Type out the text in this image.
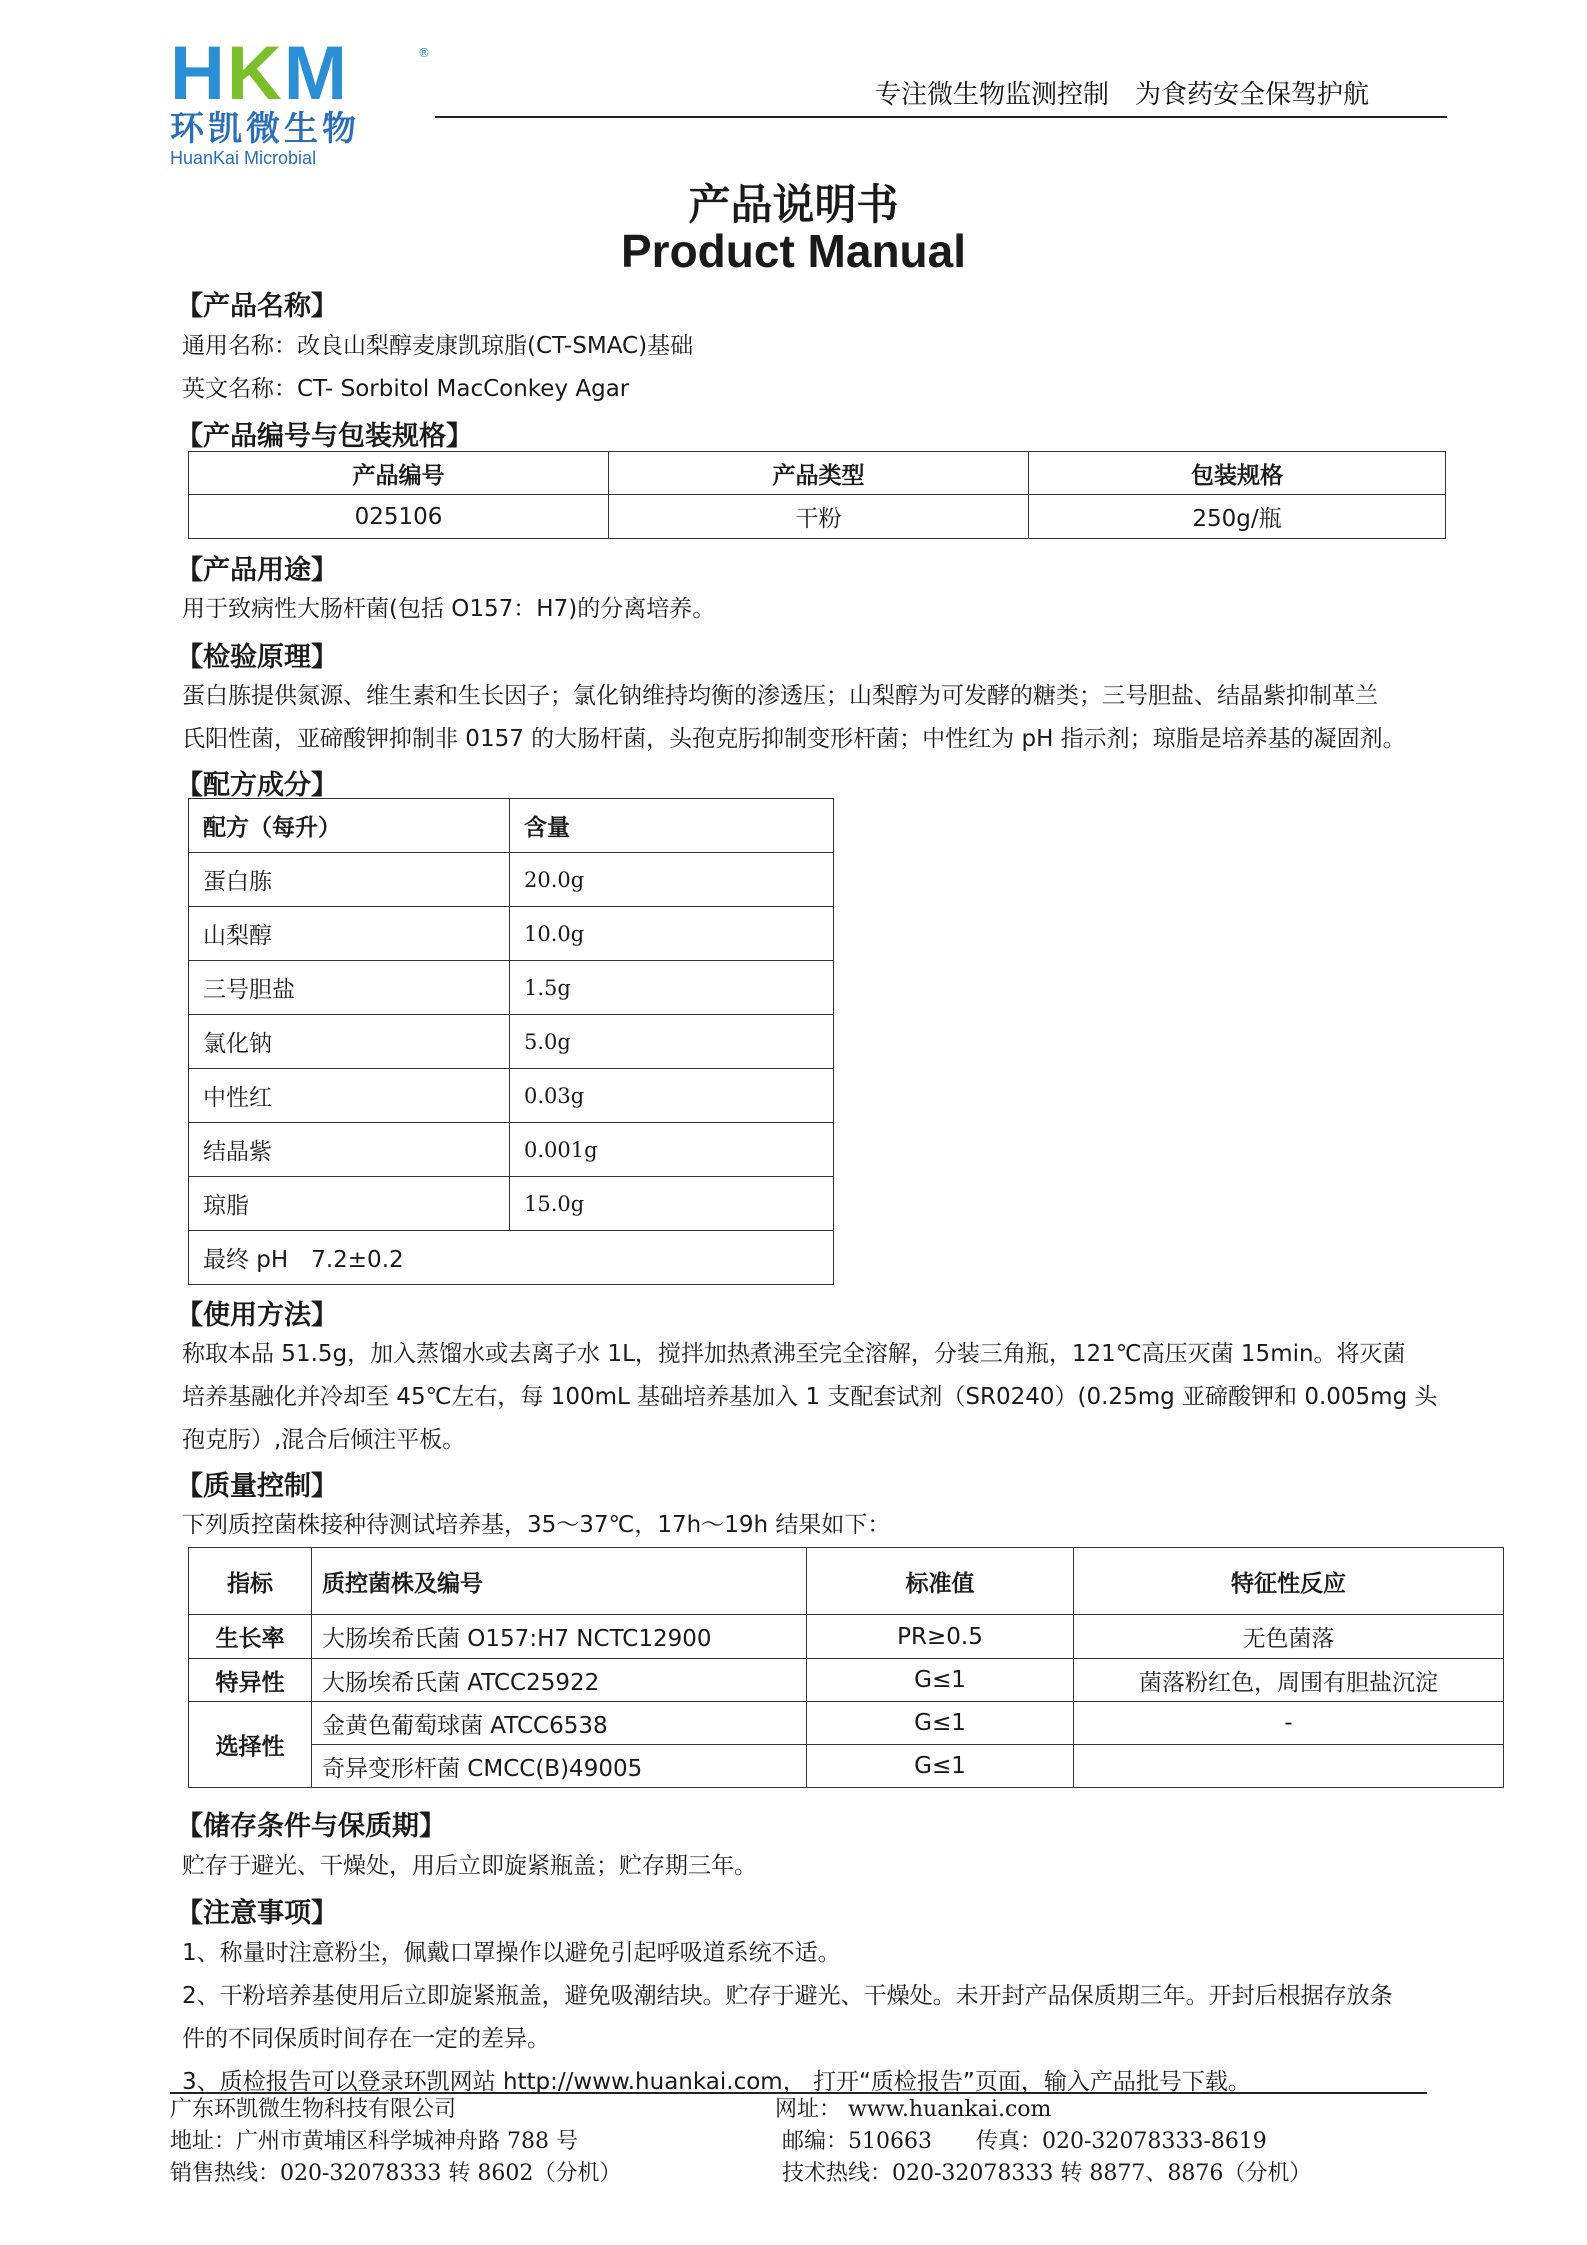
H K M	®
环凯微生物
HuanKai Microbial
专注微生物监测控制　为食药安全保驾护航
产品说明书
Product Manual
【产品名称】
通用名称：改良山梨醇麦康凯琼脂(CT-SMAC)基础
英文名称：CT- Sorbitol MacConkey Agar
【产品编号与包装规格】
产品编号	产品类型	包装规格
025106	干粉	250g/瓶
【产品用途】
用于致病性大肠杆菌(包括 O157：H7)的分离培养。
【检验原理】
蛋白胨提供氮源、维生素和生长因子；氯化钠维持均衡的渗透压；山梨醇为可发酵的糖类；三号胆盐、结晶紫抑制革兰
氏阳性菌，亚碲酸钾抑制非 0157 的大肠杆菌，头孢克肟抑制变形杆菌；中性红为 pH 指示剂；琼脂是培养基的凝固剂。
【配方成分】
配方（每升）	含量
蛋白胨	20.0g
山梨醇	10.0g
三号胆盐	1.5g
氯化钠	5.0g
中性红	0.03g
结晶紫	0.001g
琼脂	15.0g
最终 pH　7.2±0.2	
【使用方法】
称取本品 51.5g，加入蒸馏水或去离子水 1L，搅拌加热煮沸至完全溶解，分装三角瓶，121℃高压灭菌 15min。将灭菌
培养基融化并冷却至 45℃左右，每 100mL 基础培养基加入 1 支配套试剂（SR0240）(0.25mg 亚碲酸钾和 0.005mg 头
孢克肟）,混合后倾注平板。
【质量控制】
下列质控菌株接种待测试培养基，35～37℃，17h～19h 结果如下：
指标	质控菌株及编号	标准值	特征性反应
生长率	大肠埃希氏菌 O157:H7 NCTC12900	PR≥0.5	无色菌落
特异性	大肠埃希氏菌 ATCC25922	G≤1	菌落粉红色，周围有胆盐沉淀
选择性	金黄色葡萄球菌 ATCC6538	G≤1	-
	奇异变形杆菌 CMCC(B)49005	G≤1	
【储存条件与保质期】
贮存于避光、干燥处，用后立即旋紧瓶盖；贮存期三年。
【注意事项】
1、称量时注意粉尘，佩戴口罩操作以避免引起呼吸道系统不适。
2、干粉培养基使用后立即旋紧瓶盖，避免吸潮结块。贮存于避光、干燥处。未开封产品保质期三年。开封后根据存放条
件的不同保质时间存在一定的差异。
3、质检报告可以登录环凯网站 http://www.huankai.com， 打开“质检报告”页面，输入产品批号下载。
广东环凯微生物科技有限公司
地址：广州市黄埔区科学城神舟路 788 号
销售热线：020-32078333 转 8602（分机）
网址： www.huankai.com
邮编：510663　　传真：020-32078333-8619
技术热线：020-32078333 转 8877、8876（分机）
